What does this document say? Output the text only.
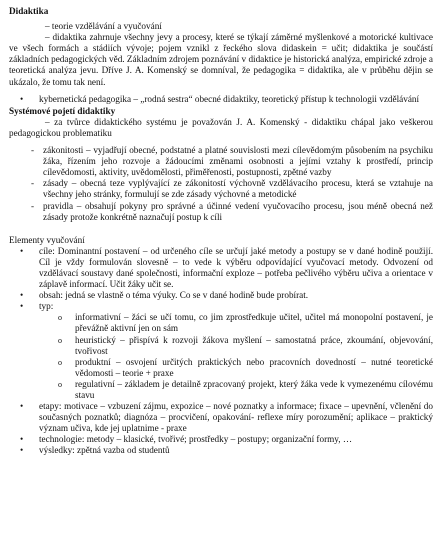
Didaktika
– teorie vzdělávání a vyučování

– didaktika zahrnuje všechny jevy a procesy, které se týkají záměrné myšlenkové a motorické kultivace ve všech formách a stádiích vývoje; pojem vznikl z řeckého slova didaskein = učit; didaktika je součástí základních pedagogických věd. Základním zdrojem poznávání v didaktice je historická analýza, empirické zdroje a teoretická analýza jevu. Dříve J. A. Komenský se domníval, že pedagogika = didaktika, ale v průběhu dějin se ukázalo, že tomu tak není.

• kybernetická pedagogika – „rodná sestra“ obecné didaktiky, teoretický přístup k technologii vzdělávání
Systémové pojetí didaktiky

– za tvůrce didaktického systému je považován J. A. Komenský - didaktiku chápal jako veškerou pedagogickou problematiku

- zákonitosti – vyjadřují obecné, podstatné a platné souvislosti mezi cílevědomým působením na psychiku žáka, řízením jeho rozvoje a žádoucími změnami osobnosti a jejími vztahy k prostředí, princip cílevědomosti, aktivity, uvědomělosti, přiměřenosti, postupnosti, zpětné vazby
- zásady – obecná teze vyplývající ze zákonitostí výchovně vzdělávacího procesu, která se vztahuje na všechny jeho stránky, formulují se zde zásady výchovné a metodické
- pravidla – obsahují pokyny pro správné a účinné vedení vyučovacího procesu, jsou méně obecná než zásady protože konkrétně naznačují postup k cíli
Elementy vyučování
• cíle: Dominantní postavení – od určeného cíle se určují jaké metody a postupy se v dané hodině použijí. Cíl je vždy formulován slovesně – to vede k výběru odpovídající vyučovací metody. Odvození od vzdělávací soustavy dané společnosti, informační exploze – potřeba pečlivého výběru učiva a orientace v záplavě informací. Učit žáky učit se.
• obsah: jedná se vlastně o téma výuky. Co se v dané hodině bude probírat.
• typ:
o informativní – žáci se učí tomu, co jim zprostředkuje učitel, učitel má monopolní postavení, je převážně aktivní jen on sám
o heuristický – přispívá k rozvoji žákova myšlení – samostatná práce, zkoumání, objevování, tvořivost
o produktní – osvojení určitých praktických nebo pracovních dovedností – nutné teoretické vědomosti – teorie + praxe
o regulativní – základem je detailně zpracovaný projekt, který žáka vede k vymezenému cílovému stavu
• etapy: motivace – vzbuzení zájmu, expozice – nové poznatky a informace; fixace – upevnění, včlenění do současných poznatků; diagnóza – procvičení, opakování- reflexe míry porozumění; aplikace – praktický význam učiva, kde jej uplatnime - praxe
• technologie: metody – klasické, tvořivé; prostředky – postupy; organizační formy, …
• výsledky: zpětná vazba od studentů
